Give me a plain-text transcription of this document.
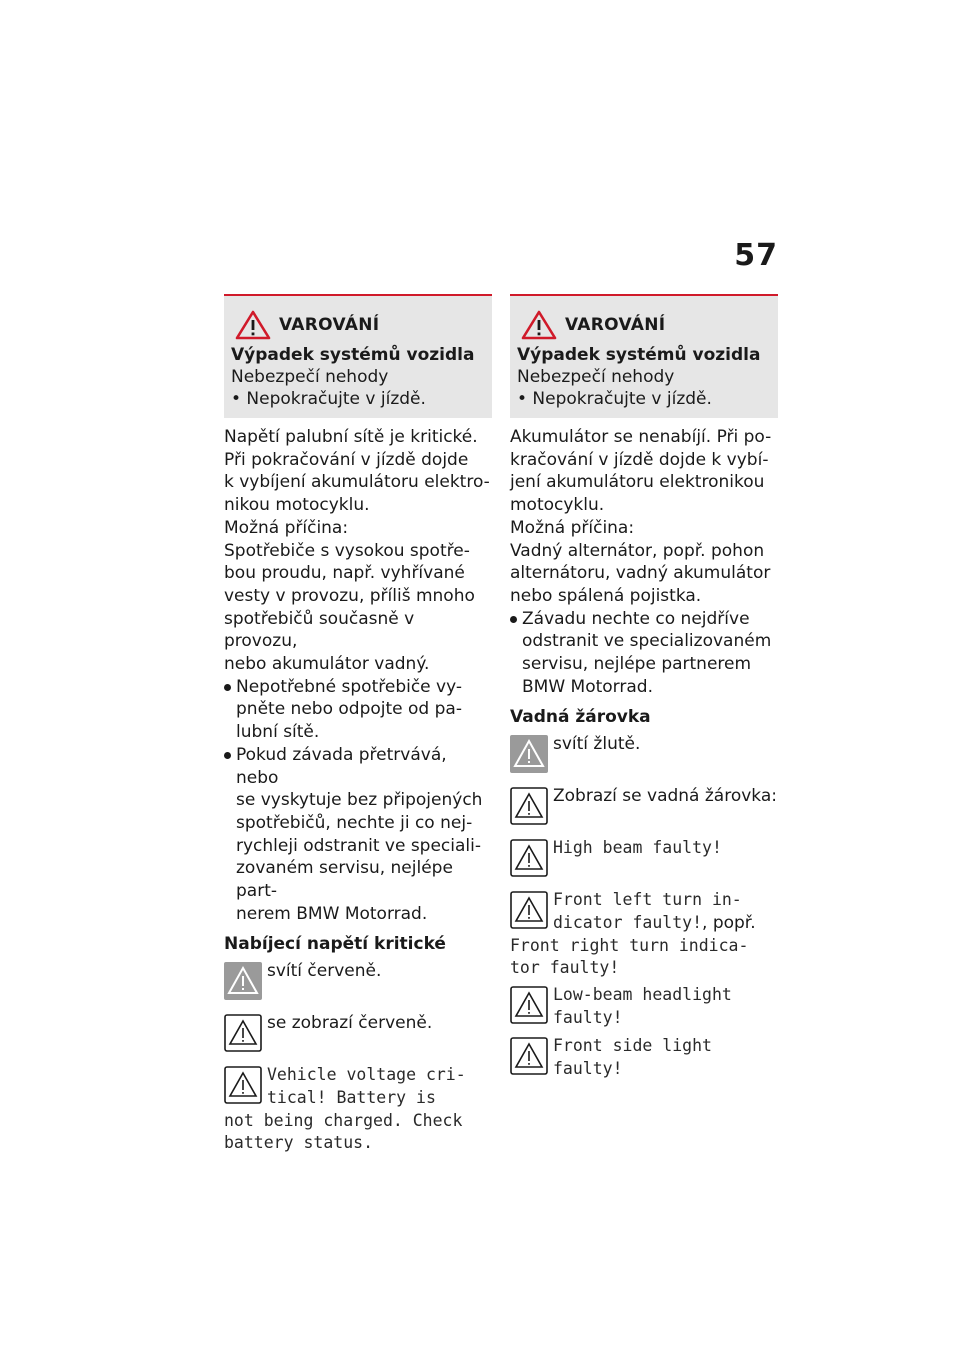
57
VAROVÁNÍ
Výpadek systémů vozidla
Nebezpečí nehody
• Nepokračujte v jízdě.
Napětí palubní sítě je kritické.
Při pokračování v jízdě dojde
k vybíjení akumulátoru elektro-
nikou motocyklu.
Možná příčina:
Spotřebiče s vysokou spotře-
bou proudu, např. vyhřívané
vesty v provozu, příliš mnoho
spotřebičů současně v provozu,
nebo akumulátor vadný.
Nepotřebné spotřebiče vy-
pněte nebo odpojte od pa-
lubní sítě.
Pokud závada přetrvává, nebo
se vyskytuje bez připojených
spotřebičů, nechte ji co nej-
rychleji odstranit ve speciali-
zovaném servisu, nejlépe part-
nerem BMW Motorrad.
Nabíjecí napětí kritické
svítí červeně.
se zobrazí červeně.
Vehicle voltage cri-
tical! Battery is
not being charged. Check
battery status.
VAROVÁNÍ
Výpadek systémů vozidla
Nebezpečí nehody
• Nepokračujte v jízdě.
Akumulátor se nenabíjí. Při po-
kračování v jízdě dojde k vybí-
jení akumulátoru elektronikou
motocyklu.
Možná příčina:
Vadný alternátor, popř. pohon
alternátoru, vadný akumulátor
nebo spálená pojistka.
Závadu nechte co nejdříve
odstranit ve specializovaném
servisu, nejlépe partnerem
BMW Motorrad.
Vadná žárovka
svítí žlutě.
Zobrazí se vadná žárovka:
High beam faulty!
Front left turn in-
dicator faulty!, popř.
Front right turn indica-
tor faulty!
Low-beam headlight
faulty!
Front side light
faulty!
